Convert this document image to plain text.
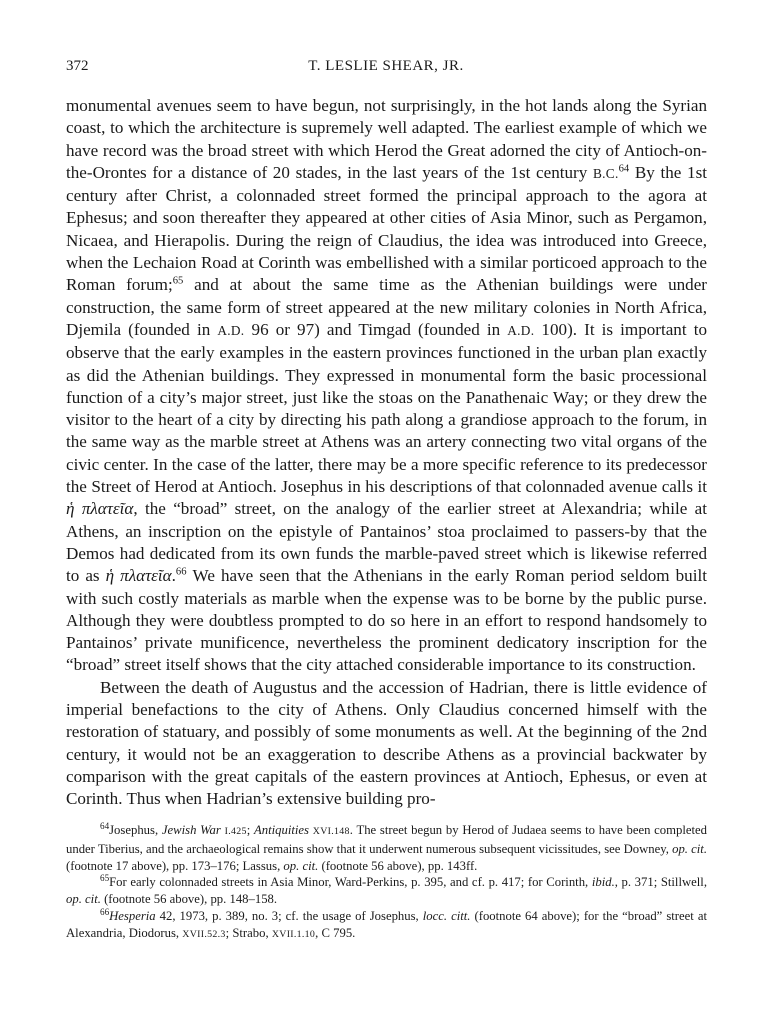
372	T. LESLIE SHEAR, JR.

monumental avenues seem to have begun, not surprisingly, in the hot lands along the Syrian coast, to which the architecture is supremely well adapted. The earliest example of which we have record was the broad street with which Herod the Great adorned the city of Antioch-on-the-Orontes for a distance of 20 stades, in the last years of the 1st century B.C.$^{64}$ By the 1st century after Christ, a colonnaded street formed the principal approach to the agora at Ephesus; and soon thereafter they appeared at other cities of Asia Minor, such as Pergamon, Nicaea, and Hierapolis. During the reign of Claudius, the idea was introduced into Greece, when the Lechaion Road at Corinth was embellished with a similar porticoed approach to the Roman forum;$^{65}$ and at about the same time as the Athenian buildings were under construction, the same form of street appeared at the new military colonies in North Africa, Djemila (founded in A.D. 96 or 97) and Timgad (founded in A.D. 100). It is important to observe that the early examples in the eastern provinces functioned in the urban plan exactly as did the Athenian buildings. They expressed in monumental form the basic processional function of a city’s major street, just like the stoas on the Panathenaic Way; or they drew the visitor to the heart of a city by directing his path along a grandiose approach to the forum, in the same way as the marble street at Athens was an artery connecting two vital organs of the civic center. In the case of the latter, there may be a more specific reference to its predecessor the Street of Herod at Antioch. Josephus in his descriptions of that colonnaded avenue calls it ἡ πλατεῖα, the “broad” street, on the analogy of the earlier street at Alexandria; while at Athens, an inscription on the epistyle of Pantainos’ stoa proclaimed to passers-by that the Demos had dedicated from its own funds the marble-paved street which is likewise referred to as ἡ πλατεῖα.$^{66}$ We have seen that the Athenians in the early Roman period seldom built with such costly materials as marble when the expense was to be borne by the public purse. Although they were doubtless prompted to do so here in an effort to respond handsomely to Pantainos’ private munificence, nevertheless the prominent dedicatory inscription for the “broad” street itself shows that the city attached considerable importance to its construction.

Between the death of Augustus and the accession of Hadrian, there is little evidence of imperial benefactions to the city of Athens. Only Claudius concerned himself with the restoration of statuary, and possibly of some monuments as well. At the beginning of the 2nd century, it would not be an exaggeration to describe Athens as a provincial backwater by comparison with the great capitals of the eastern provinces at Antioch, Ephesus, or even at Corinth. Thus when Hadrian’s extensive building pro-

$^{64}$Josephus, Jewish War I.425; Antiquities XVI.148. The street begun by Herod of Judaea seems to have been completed under Tiberius, and the archaeological remains show that it underwent numerous subsequent vicissitudes, see Downey, op. cit. (footnote 17 above), pp. 173–176; Lassus, op. cit. (footnote 56 above), pp. 143ff.

$^{65}$For early colonnaded streets in Asia Minor, Ward-Perkins, p. 395, and cf. p. 417; for Corinth, ibid., p. 371; Stillwell, op. cit. (footnote 56 above), pp. 148–158.

$^{66}$Hesperia 42, 1973, p. 389, no. 3; cf. the usage of Josephus, locc. citt. (footnote 64 above); for the “broad” street at Alexandria, Diodorus, XVII.52.3; Strabo, XVII.1.10, C 795.
